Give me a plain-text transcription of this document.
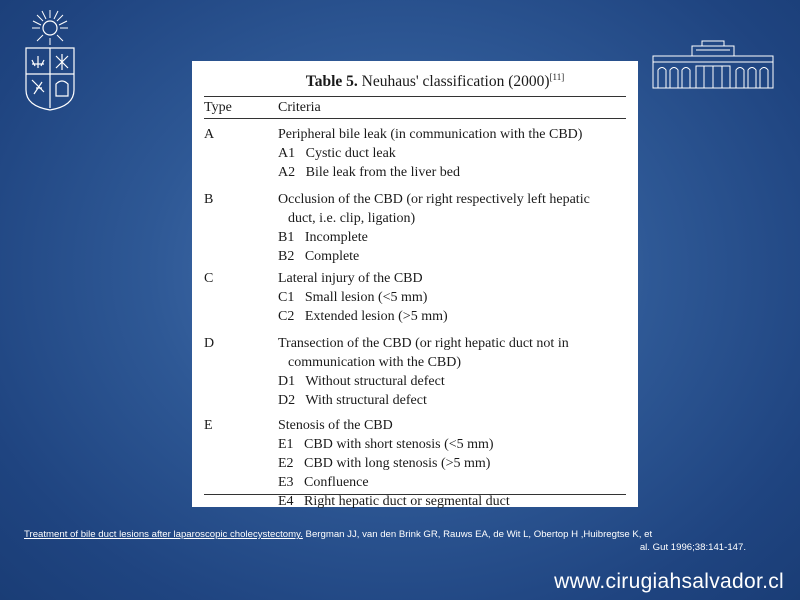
Table 5. Neuhaus' classification (2000)[11]
Type	Criteria
A	Peripheral bile leak (in communication with the CBD)
A1   Cystic duct leak
A2   Bile leak from the liver bed
B	Occlusion of the CBD (or right respectively left hepatic
duct, i.e. clip, ligation)
B1   Incomplete
B2   Complete
C	Lateral injury of the CBD
C1   Small lesion (<5 mm)
C2   Extended lesion (>5 mm)
D	Transection of the CBD (or right hepatic duct not in
communication with the CBD)
D1   Without structural defect
D2   With structural defect
E	Stenosis of the CBD
E1   CBD with short stenosis (<5 mm)
E2   CBD with long stenosis (>5 mm)
E3   Confluence
E4   Right hepatic duct or segmental duct
Treatment of bile duct lesions after laparoscopic cholecystectomy. Bergman JJ, van den Brink GR, Rauws EA, de Wit L, Obertop H ,Huibregtse K, et
al. Gut 1996;38:141-147.
www.cirugiahsalvador.cl
